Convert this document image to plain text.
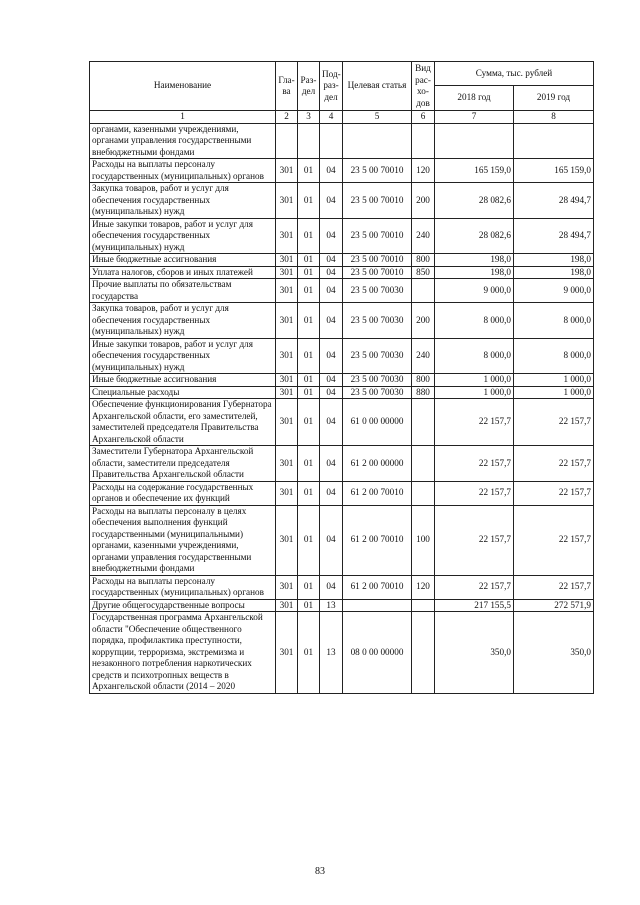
Наименование	Гла-ва	Раз-дел	Под-раз-дел	Целевая статья	Вид рас-хо-дов	Сумма, тыс. рублей	
						2018 год	2019 год
1	2	3	4	5	6	7	8
органами, казенными учреждениями, органами управления государственными внебюджетными фондами							
Расходы на выплаты персоналу государственных (муниципальных) органов	301	01	04	23 5 00 70010	120	165 159,0	165 159,0
Закупка товаров, работ и услуг для обеспечения государственных (муниципальных) нужд	301	01	04	23 5 00 70010	200	28 082,6	28 494,7
Иные закупки товаров, работ и услуг для обеспечения государственных (муниципальных) нужд	301	01	04	23 5 00 70010	240	28 082,6	28 494,7
Иные бюджетные ассигнования	301	01	04	23 5 00 70010	800	198,0	198,0
Уплата налогов, сборов и иных платежей	301	01	04	23 5 00 70010	850	198,0	198,0
Прочие выплаты по обязательствам государства	301	01	04	23 5 00 70030		9 000,0	9 000,0
Закупка товаров, работ и услуг для обеспечения государственных (муниципальных) нужд	301	01	04	23 5 00 70030	200	8 000,0	8 000,0
Иные закупки товаров, работ и услуг для обеспечения государственных (муниципальных) нужд	301	01	04	23 5 00 70030	240	8 000,0	8 000,0
Иные бюджетные ассигнования	301	01	04	23 5 00 70030	800	1 000,0	1 000,0
Специальные расходы	301	01	04	23 5 00 70030	880	1 000,0	1 000,0
Обеспечение функционирования Губернатора Архангельской области, его заместителей, заместителей председателя Правительства Архангельской области	301	01	04	61 0 00 00000		22 157,7	22 157,7
Заместители Губернатора Архангельской области, заместители председателя Правительства Архангельской области	301	01	04	61 2 00 00000		22 157,7	22 157,7
Расходы на содержание государственных органов и обеспечение их функций	301	01	04	61 2 00 70010		22 157,7	22 157,7
Расходы на выплаты персоналу в целях обеспечения выполнения функций государственными (муниципальными) органами, казенными учреждениями, органами управления государственными внебюджетными фондами	301	01	04	61 2 00 70010	100	22 157,7	22 157,7
Расходы на выплаты персоналу государственных (муниципальных) органов	301	01	04	61 2 00 70010	120	22 157,7	22 157,7
Другие общегосударственные вопросы	301	01	13			217 155,5	272 571,9
Государственная программа Архангельской области "Обеспечение общественного порядка, профилактика преступности, коррупции, терроризма, экстремизма и незаконного потребления наркотических средств и психотропных веществ в Архангельской области (2014 – 2020	301	01	13	08 0 00 00000		350,0	350,0
83
